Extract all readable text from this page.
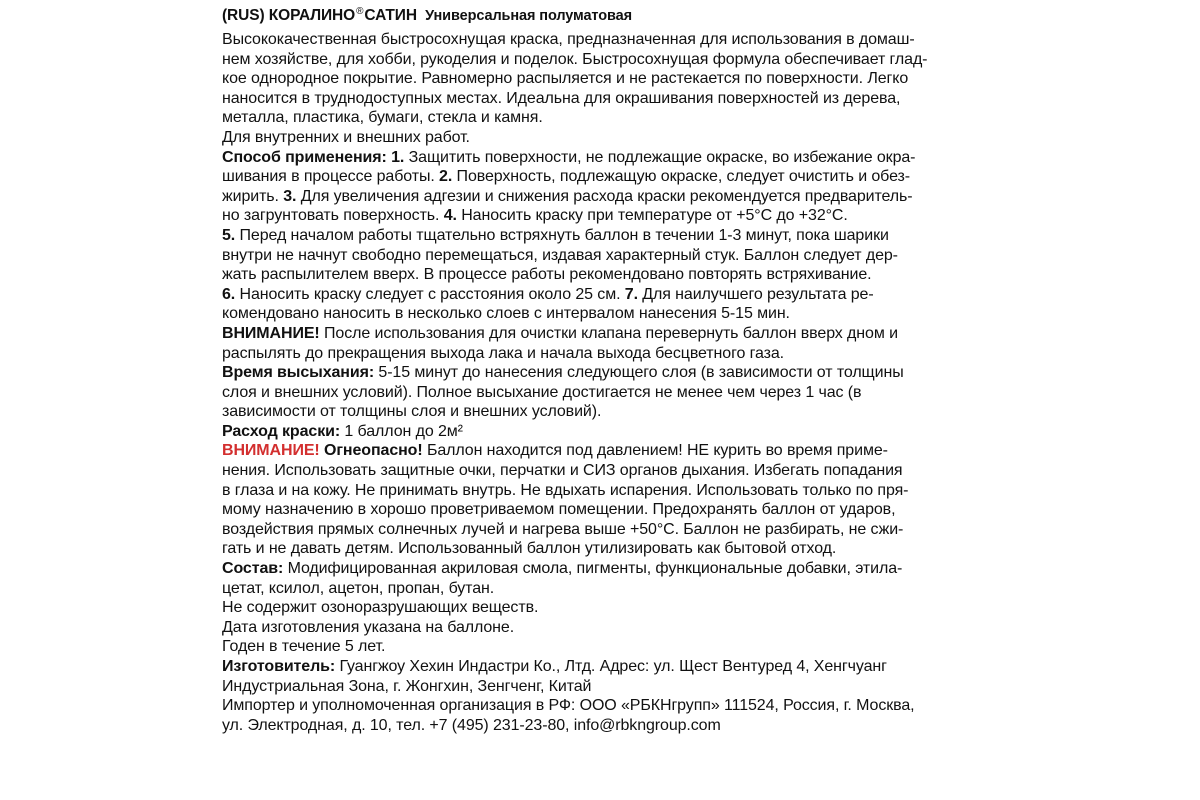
(RUS) КОРАЛИНО®САТИН Универсальная полуматовая

Высококачественная быстросохнущая краска, предназначенная для использования в домаш-
нем хозяйстве, для хобби, рукоделия и поделок. Быстросохнущая формула обеспечивает глад-
кое однородное покрытие. Равномерно распыляется и не растекается по поверхности. Легко
наносится в труднодоступных местах. Идеальна для окрашивания поверхностей из дерева,
металла, пластика, бумаги, стекла и камня.
Для внутренних и внешних работ.

Способ применения: 1. Защитить поверхности, не подлежащие окраске, во избежание окра-
шивания в процессе работы. 2. Поверхность, подлежащую окраске, следует очистить и обез-
жирить. 3. Для увеличения адгезии и снижения расхода краски рекомендуется предваритель-
но загрунтовать поверхность. 4. Наносить краску при температуре от +5°С до +32°С.
5. Перед началом работы тщательно встряхнуть баллон в течении 1-3 минут, пока шарики
внутри не начнут свободно перемещаться, издавая характерный стук. Баллон следует дер-
жать распылителем вверх. В процессе работы рекомендовано повторять встряхивание.
6. Наносить краску следует с расстояния около 25 см. 7. Для наилучшего результата ре-
комендовано наносить в несколько слоев с интервалом нанесения 5-15 мин.

ВНИМАНИЕ! После использования для очистки клапана перевернуть баллон вверх дном и
распылять до прекращения выхода лака и начала выхода бесцветного газа.

Время высыхания: 5-15 минут до нанесения следующего слоя (в зависимости от толщины
слоя и внешних условий). Полное высыхание достигается не менее чем через 1 час (в
зависимости от толщины слоя и внешних условий).

Расход краски: 1 баллон до 2м²

ВНИМАНИЕ! Огнеопасно! Баллон находится под давлением! НЕ курить во время приме-
нения. Использовать защитные очки, перчатки и СИЗ органов дыхания. Избегать попадания
в глаза и на кожу. Не принимать внутрь. Не вдыхать испарения. Использовать только по пря-
мому назначению в хорошо проветриваемом помещении. Предохранять баллон от ударов,
воздействия прямых солнечных лучей и нагрева выше +50°С. Баллон не разбирать, не сжи-
гать и не давать детям. Использованный баллон утилизировать как бытовой отход.

Состав: Модифицированная акриловая смола, пигменты, функциональные добавки, этила-
цетат, ксилол, ацетон, пропан, бутан.
Не содержит озоноразрушающих веществ.
Дата изготовления указана на баллоне.
Годен в течение 5 лет.

Изготовитель: Гуангжоу Хехин Индастри Ко., Лтд. Адрес: ул. Щест Вентуред 4, Хенгчуанг
Индустриальная Зона, г. Жонгхин, Зенгченг, Китай
Импортер и уполномоченная организация в РФ: ООО «РБКНгрупп» 111524, Россия, г. Москва,
ул. Электродная, д. 10, тел. +7 (495) 231-23-80, info@rbkngroup.com
